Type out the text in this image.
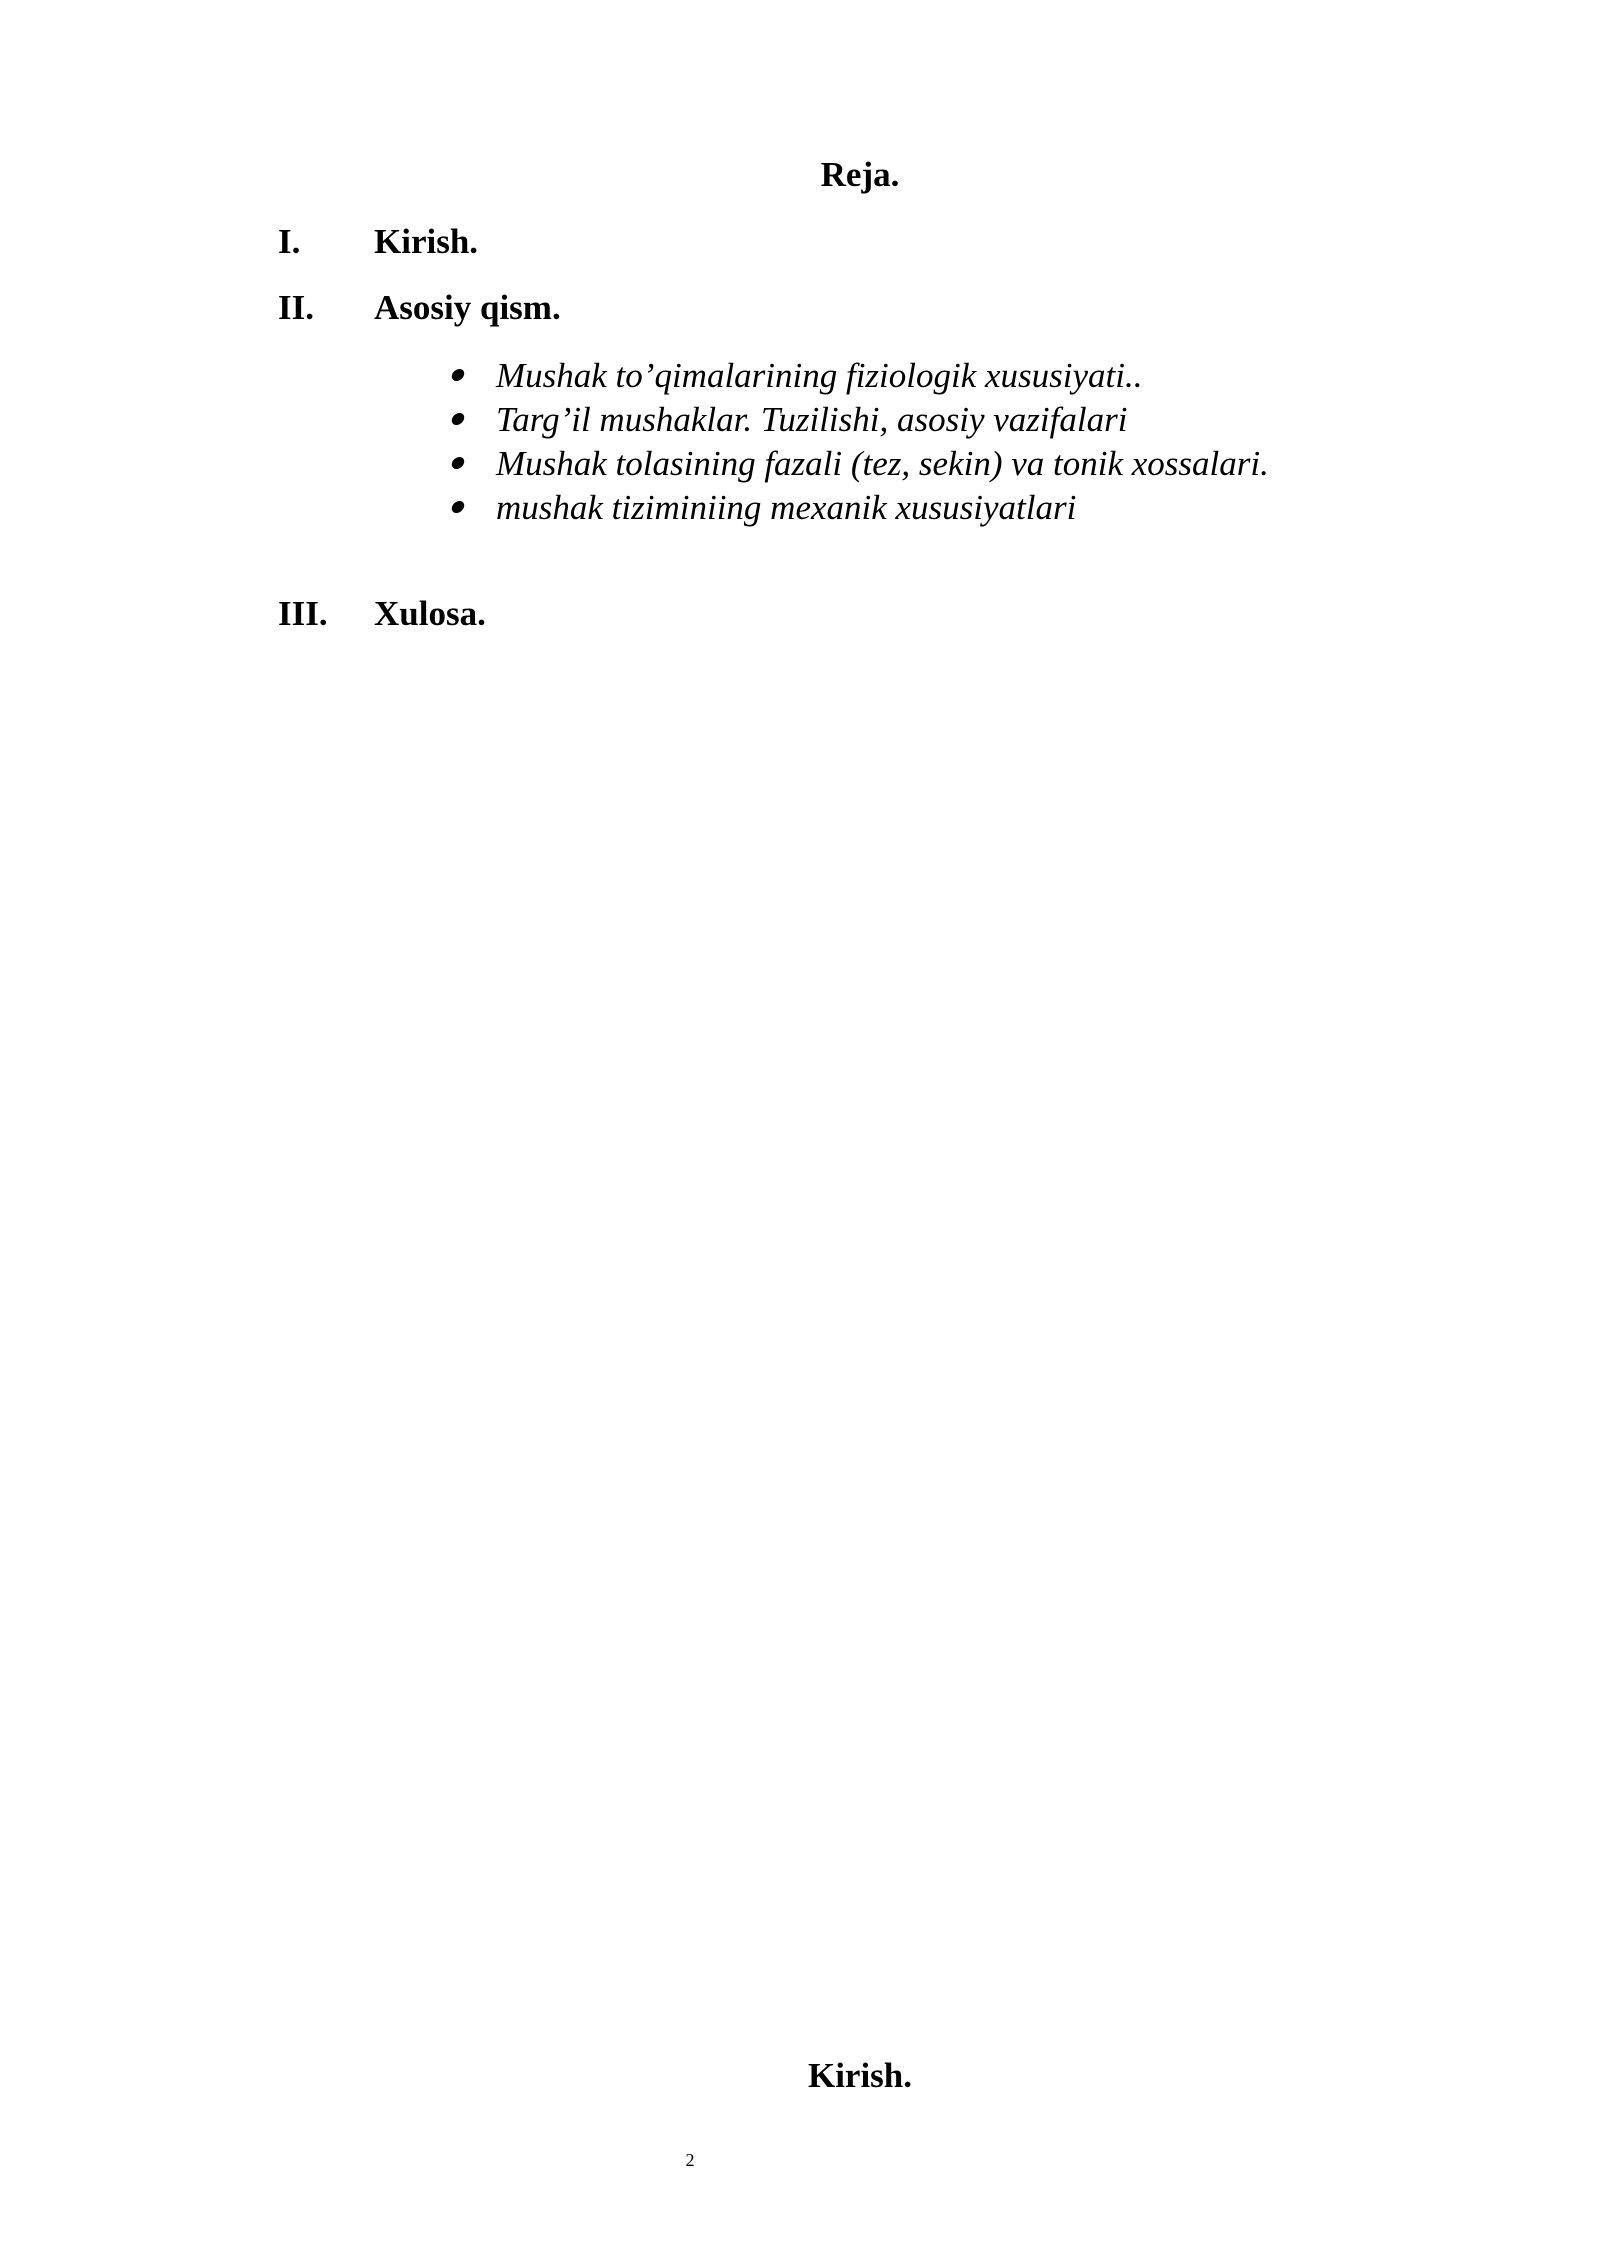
Reja.
I. Kirish.
II. Asosiy qism.
Mushak to’qimalarining fiziologik xususiyati..
Targ’il mushaklar. Tuzilishi, asosiy vazifalari
Mushak tolasining fazali (tez, sekin) va tonik xossalari.
mushak tiziminiing mexanik xususiyatlari
III. Xulosa.
Kirish.
2
